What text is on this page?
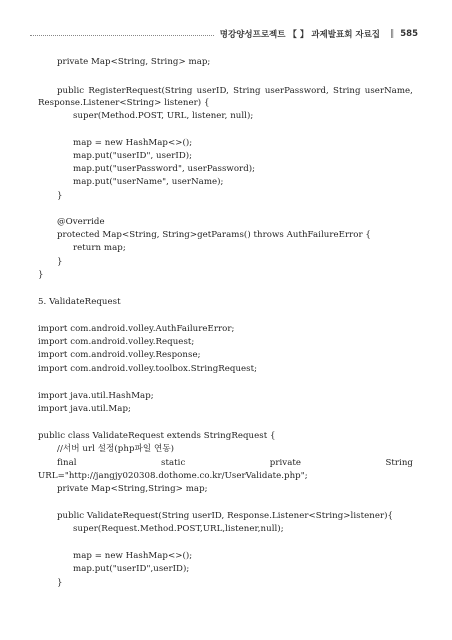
명강양성프로젝트 【 】 과제발표회 자료집 ‖ 585
private Map<String, String> map;
public RegisterRequest(String userID, String userPassword, String userName,
Response.Listener<String> listener) {
super(Method.POST, URL, listener, null);
map = new HashMap<>();
map.put("userID", userID);
map.put("userPassword", userPassword);
map.put("userName", userName);
}
@Override
protected Map<String, String>getParams() throws AuthFailureError {
return map;
}
}
5. ValidateRequest
import com.android.volley.AuthFailureError;
import com.android.volley.Request;
import com.android.volley.Response;
import com.android.volley.toolbox.StringRequest;
import java.util.HashMap;
import java.util.Map;
public class ValidateRequest extends StringRequest {
//서버 url 설정(php파일 연동)
final	static	private	String
URL="http://jangjy020308.dothome.co.kr/UserValidate.php";
private Map<String,String> map;
public ValidateRequest(String userID, Response.Listener<String>listener){
super(Request.Method.POST,URL,listener,null);
map = new HashMap<>();
map.put("userID",userID);
}
